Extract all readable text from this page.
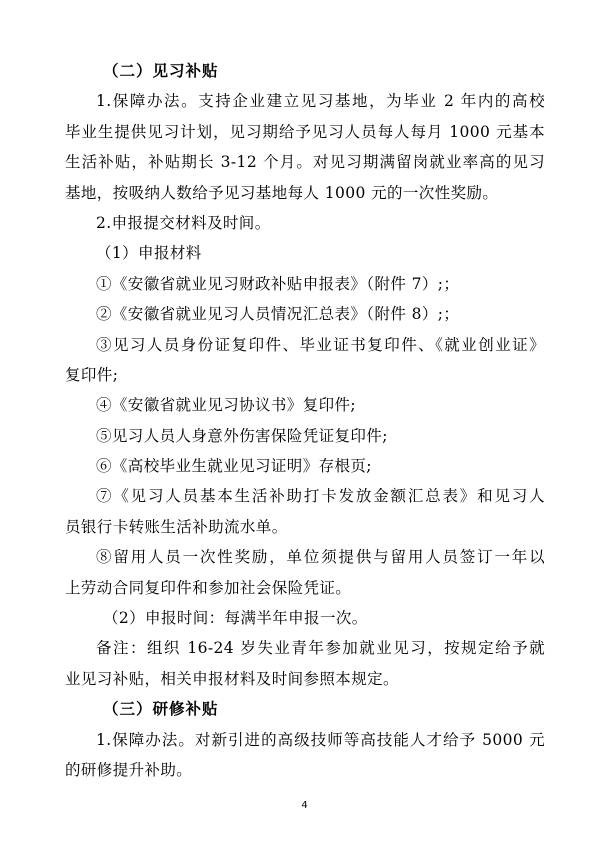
（二）见习补贴
1.保障办法。支持企业建立见习基地，为毕业 2 年内的高校
毕业生提供见习计划，见习期给予见习人员每人每月 1000 元基本
生活补贴，补贴期长 3-12 个月。对见习期满留岗就业率高的见习
基地，按吸纳人数给予见习基地每人 1000 元的一次性奖励。
2.申报提交材料及时间。
（1）申报材料
①《安徽省就业见习财政补贴申报表》（附件 7）;；
②《安徽省就业见习人员情况汇总表》（附件 8）;；
③见习人员身份证复印件、毕业证书复印件、《就业创业证》
复印件;
④《安徽省就业见习协议书》复印件;
⑤见习人员人身意外伤害保险凭证复印件;
⑥《高校毕业生就业见习证明》存根页;
⑦《见习人员基本生活补助打卡发放金额汇总表》和见习人
员银行卡转账生活补助流水单。
⑧留用人员一次性奖励，单位须提供与留用人员签订一年以
上劳动合同复印件和参加社会保险凭证。
（2）申报时间：每满半年申报一次。
备注：组织 16-24 岁失业青年参加就业见习，按规定给予就
业见习补贴，相关申报材料及时间参照本规定。
（三）研修补贴
1.保障办法。对新引进的高级技师等高技能人才给予 5000 元
的研修提升补助。
4
